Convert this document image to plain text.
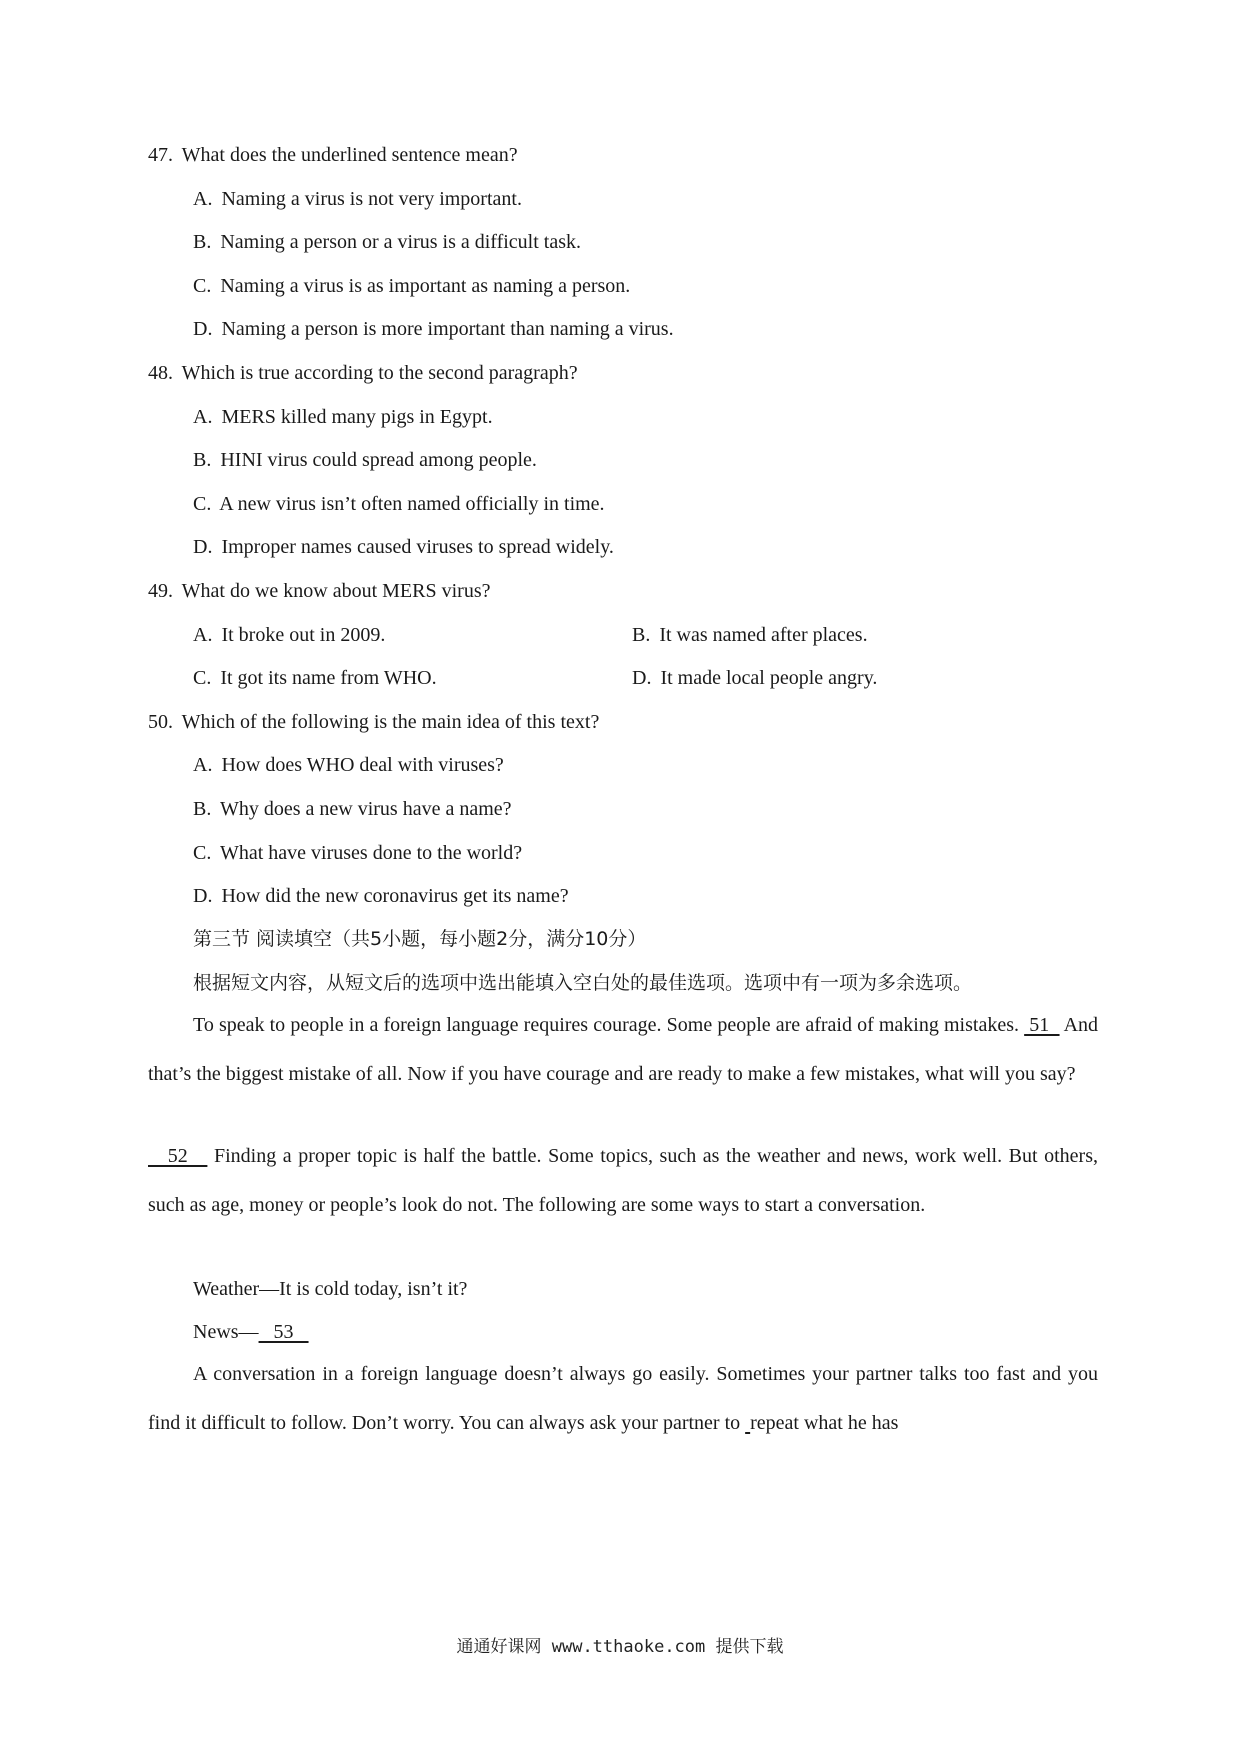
47. What does the underlined sentence mean?
A. Naming a virus is not very important.
B. Naming a person or a virus is a difficult task.
C. Naming a virus is as important as naming a person.
D. Naming a person is more important than naming a virus.
48. Which is true according to the second paragraph?
A. MERS killed many pigs in Egypt.
B. HINI virus could spread among people.
C. A new virus isn’t often named officially in time.
D. Improper names caused viruses to spread widely.
49. What do we know about MERS virus?
A. It broke out in 2009.	B. It was named after places.
C. It got its name from WHO.	D. It made local people angry.
50. Which of the following is the main idea of this text?
A. How does WHO deal with viruses?
B. Why does a new virus have a name?
C. What have viruses done to the world?
D. How did the new coronavirus get its name?
第三节 阅读填空（共5小题，每小题2分，满分10分）
根据短文内容，从短文后的选项中选出能填入空白处的最佳选项。选项中有一项为多余选项。
To speak to people in a foreign language requires courage. Some people are afraid of making mistakes.  51   And that’s the biggest mistake of all. Now if you have courage and are ready to make a few mistakes, what will you say?
52    Finding a proper topic is half the battle. Some topics, such as the weather and news, work well. But others, such as age, money or people’s look do not. The following are some ways to start a conversation.
Weather—It is cold today, isn’t it?
News—   53
A conversation in a foreign language doesn’t always go easily. Sometimes your partner talks too fast and you find it difficult to follow. Don’t worry. You can always ask your partner to  repeat what he has
通通好课网 www.tthaoke.com 提供下载
